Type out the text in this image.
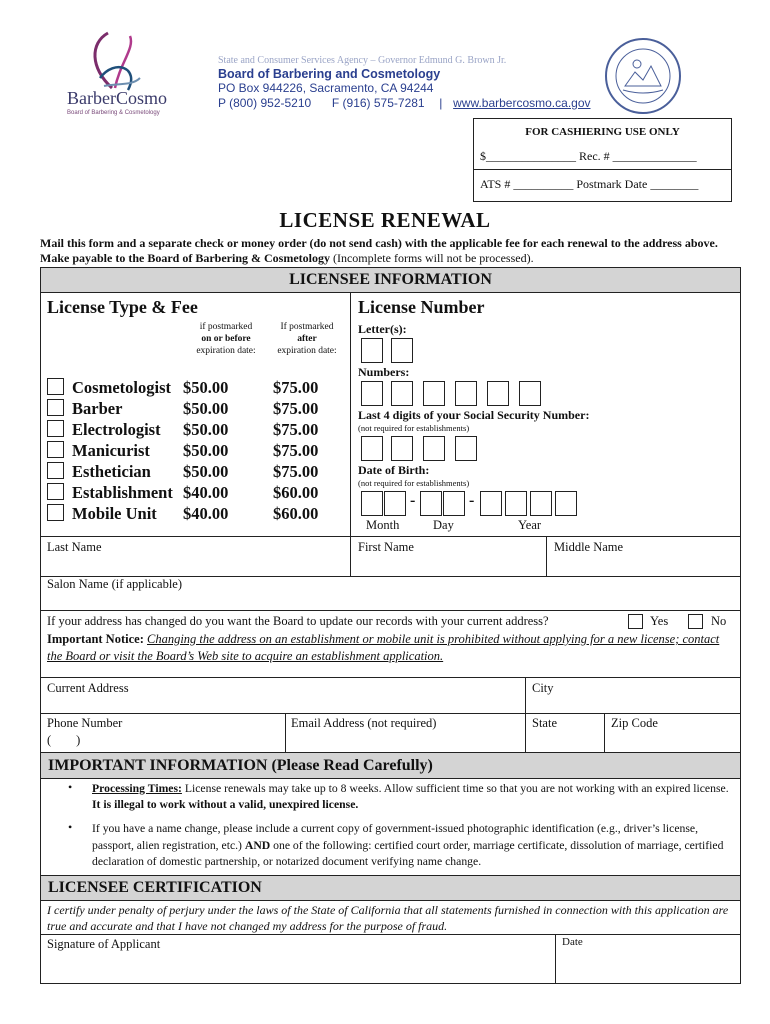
BarberCosmo
Board of Barbering & Cosmetology
State and Consumer Services Agency – Governor Edmund G. Brown Jr.
Board of Barbering and Cosmetology
PO Box 944226, Sacramento, CA 94244
P (800) 952-5210 F (916) 575-7281 | www.barbercosmo.ca.gov
FOR CASHIERING USE ONLY
$_______________ Rec. # ______________
ATS # __________ Postmark Date ________
LICENSE RENEWAL
Mail this form and a separate check or money order (do not send cash) with the applicable fee for each renewal to the address above. Make payable to the Board of Barbering & Cosmetology (Incomplete forms will not be processed).
LICENSEE INFORMATION
License Type & Fee
if postmarked
on or before
expiration date:
If postmarked
after
expiration date:
Cosmetologist $50.00	$75.00
Barber	$50.00	$75.00
Electrologist $50.00	$75.00
Manicurist $50.00	$75.00
Esthetician $50.00	$75.00
Establishment $40.00	$60.00
Mobile Unit $40.00	$60.00
License Number
Letter(s):
Numbers:
Last 4 digits of your Social Security Number:
(not required for establishments)
Date of Birth:
(not required for establishments)
-	-
Month	Day	Year
Last Name	First Name	Middle Name
Salon Name (if applicable)
If your address has changed do you want the Board to update our records with your current address?	Yes	No
Important Notice: Changing the address on an establishment or mobile unit is prohibited without applying for a new license; contact the Board or visit the Board’s Web site to acquire an establishment application.
Current Address	City
Phone Number
(        )
Email Address (not required)	State	Zip Code
IMPORTANT INFORMATION (Please Read Carefully)
• Processing Times: License renewals may take up to 8 weeks. Allow sufficient time so that you are not working with an expired license. It is illegal to work without a valid, unexpired license.
• If you have a name change, please include a current copy of government-issued photographic identification (e.g., driver’s license, passport, alien registration, etc.) AND one of the following: certified court order, marriage certificate, dissolution of marriage, certified declaration of domestic partnership, or notarized document verifying name change.
LICENSEE CERTIFICATION
I certify under penalty of perjury under the laws of the State of California that all statements furnished in connection with this application are true and accurate and that I have not changed my address for the purpose of fraud.
Signature of Applicant	Date
